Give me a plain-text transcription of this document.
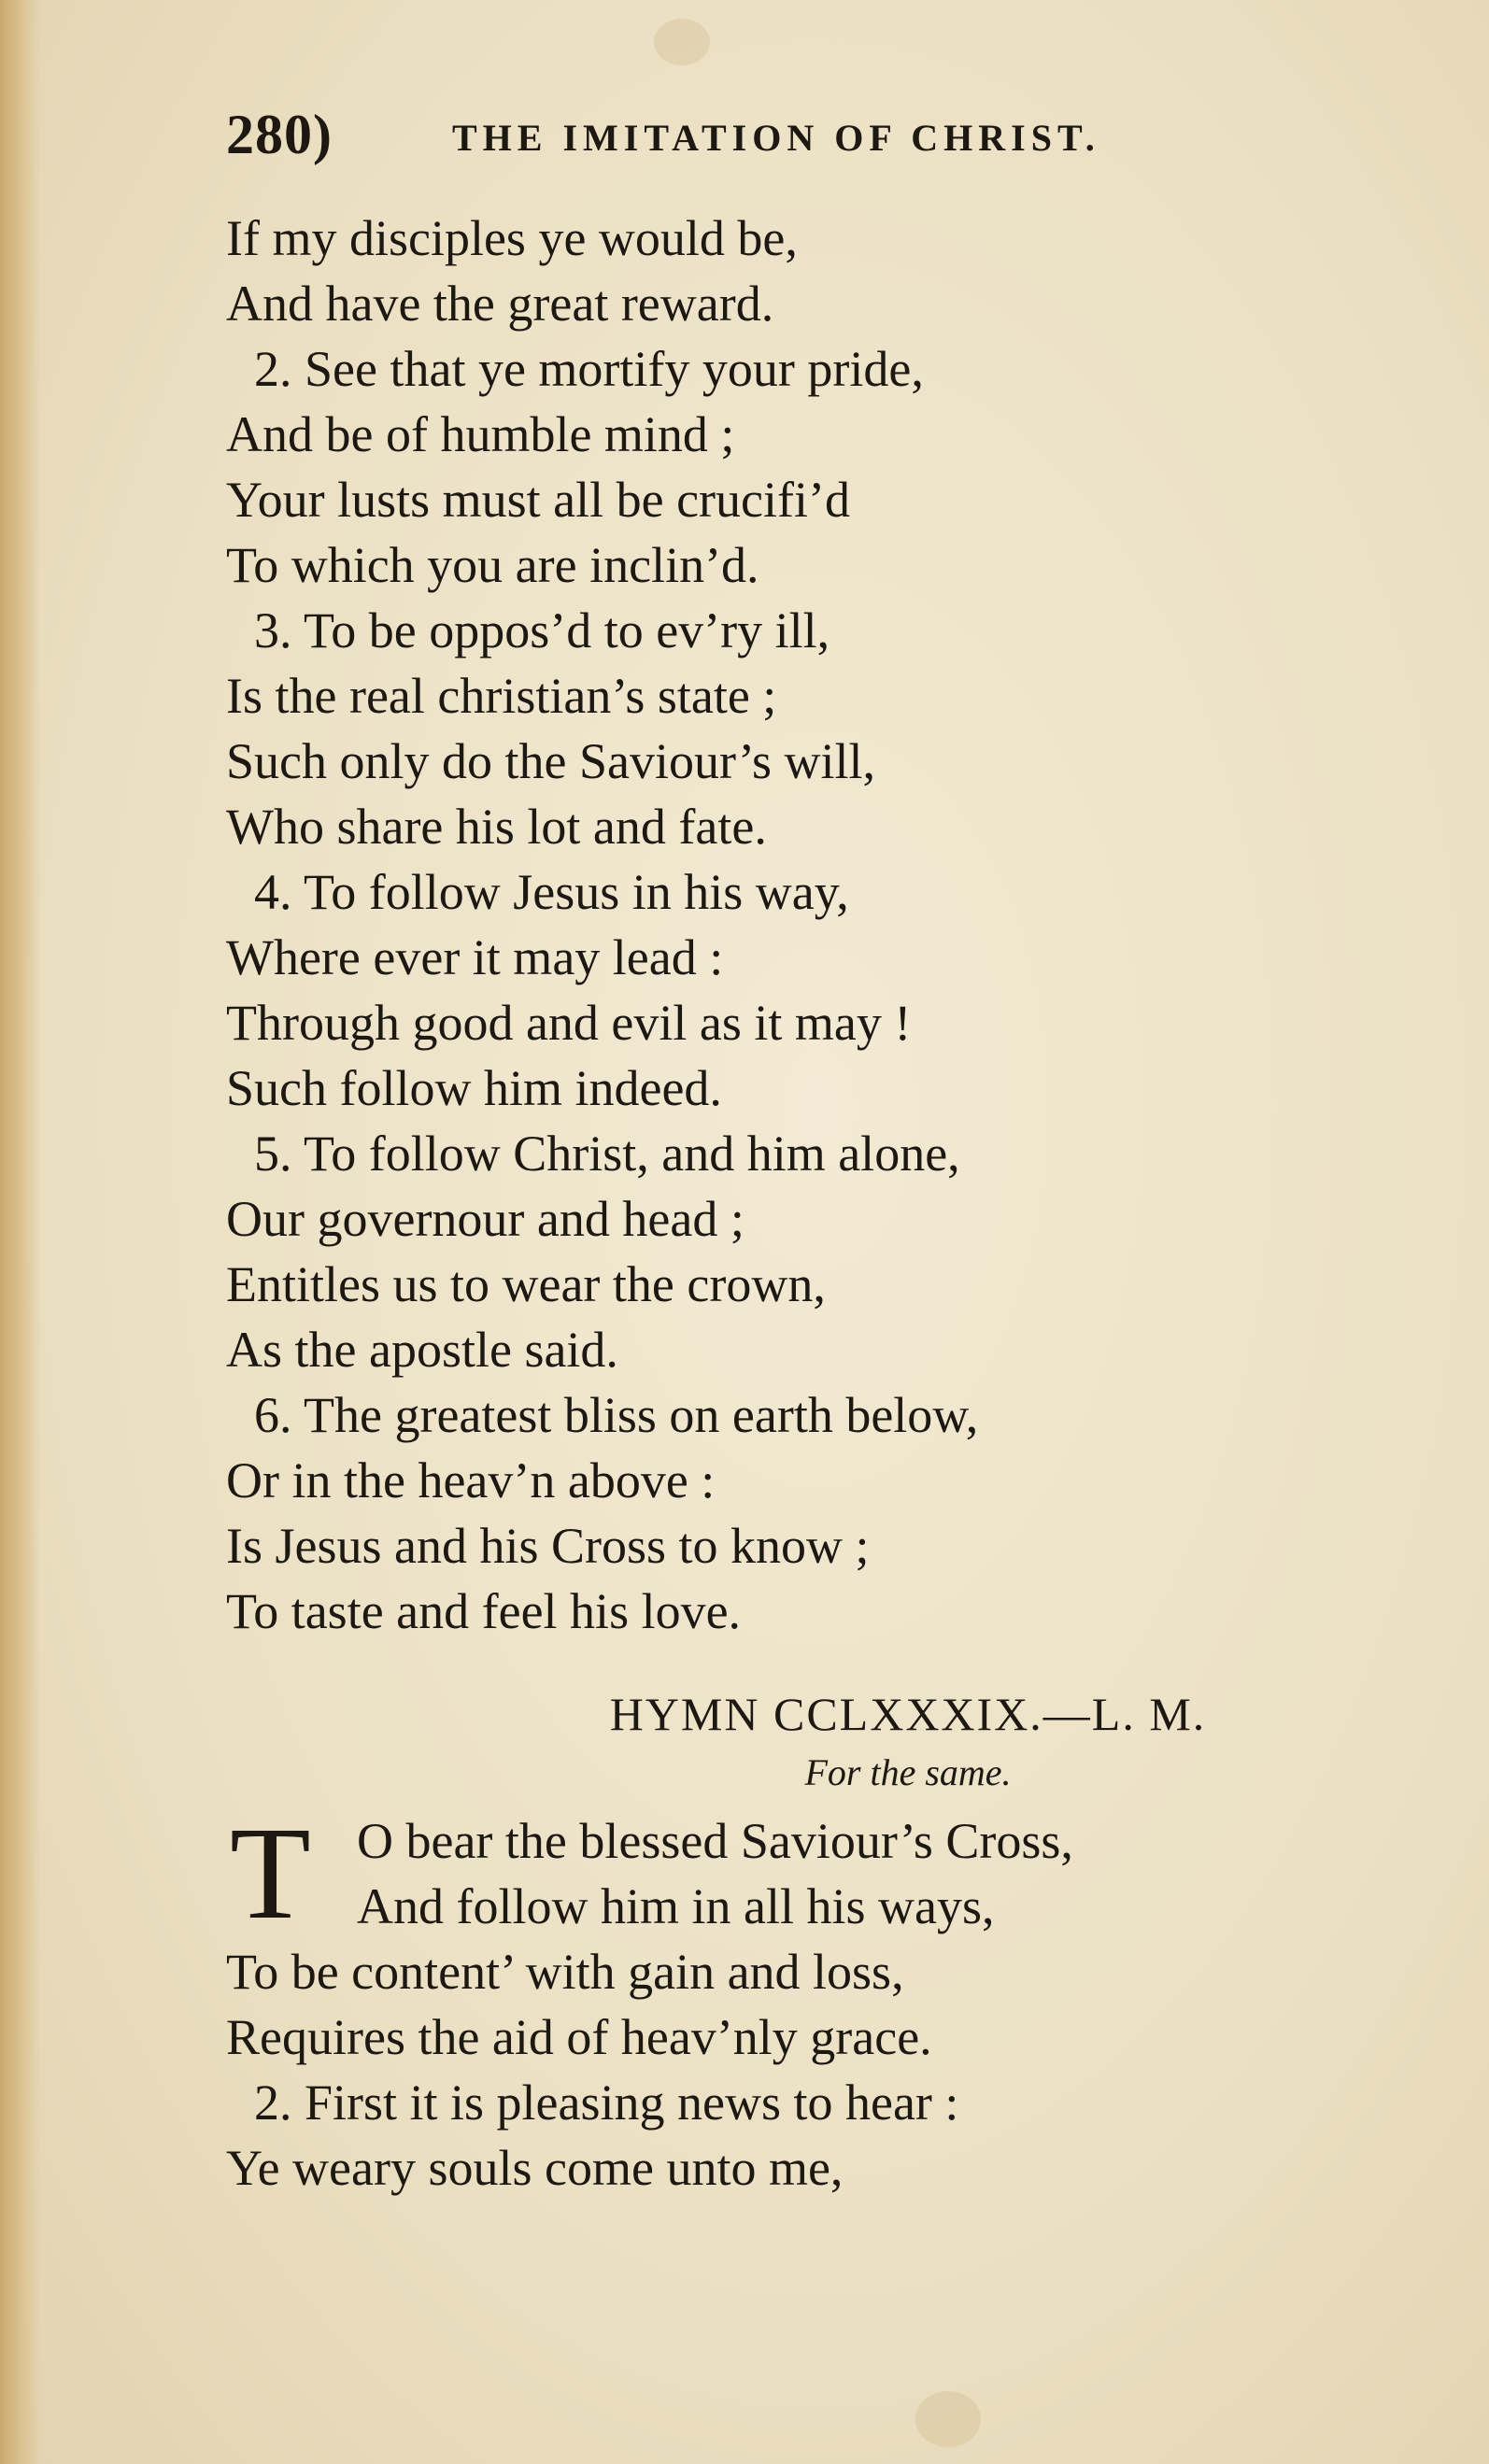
280)	THE IMITATION OF CHRIST.
If my disciples ye would be,
And have the great reward.
2. See that ye mortify your pride,
And be of humble mind ;
Your lusts must all be crucifi’d
To which you are inclin’d.
3. To be oppos’d to ev’ry ill,
Is the real christian’s state ;
Such only do the Saviour’s will,
Who share his lot and fate.
4. To follow Jesus in his way,
Where ever it may lead :
Through good and evil as it may !
Such follow him indeed.
5. To follow Christ, and him alone,
Our governour and head ;
Entitles us to wear the crown,
As the apostle said.
6. The greatest bliss on earth below,
Or in the heav’n above :
Is Jesus and his Cross to know ;
To taste and feel his love.
HYMN CCLXXXIX.—L. M.
For the same.
T O bear the blessed Saviour’s Cross,
And follow him in all his ways,
To be content’ with gain and loss,
Requires the aid of heav’nly grace.
2. First it is pleasing news to hear :
Ye weary souls come unto me,
